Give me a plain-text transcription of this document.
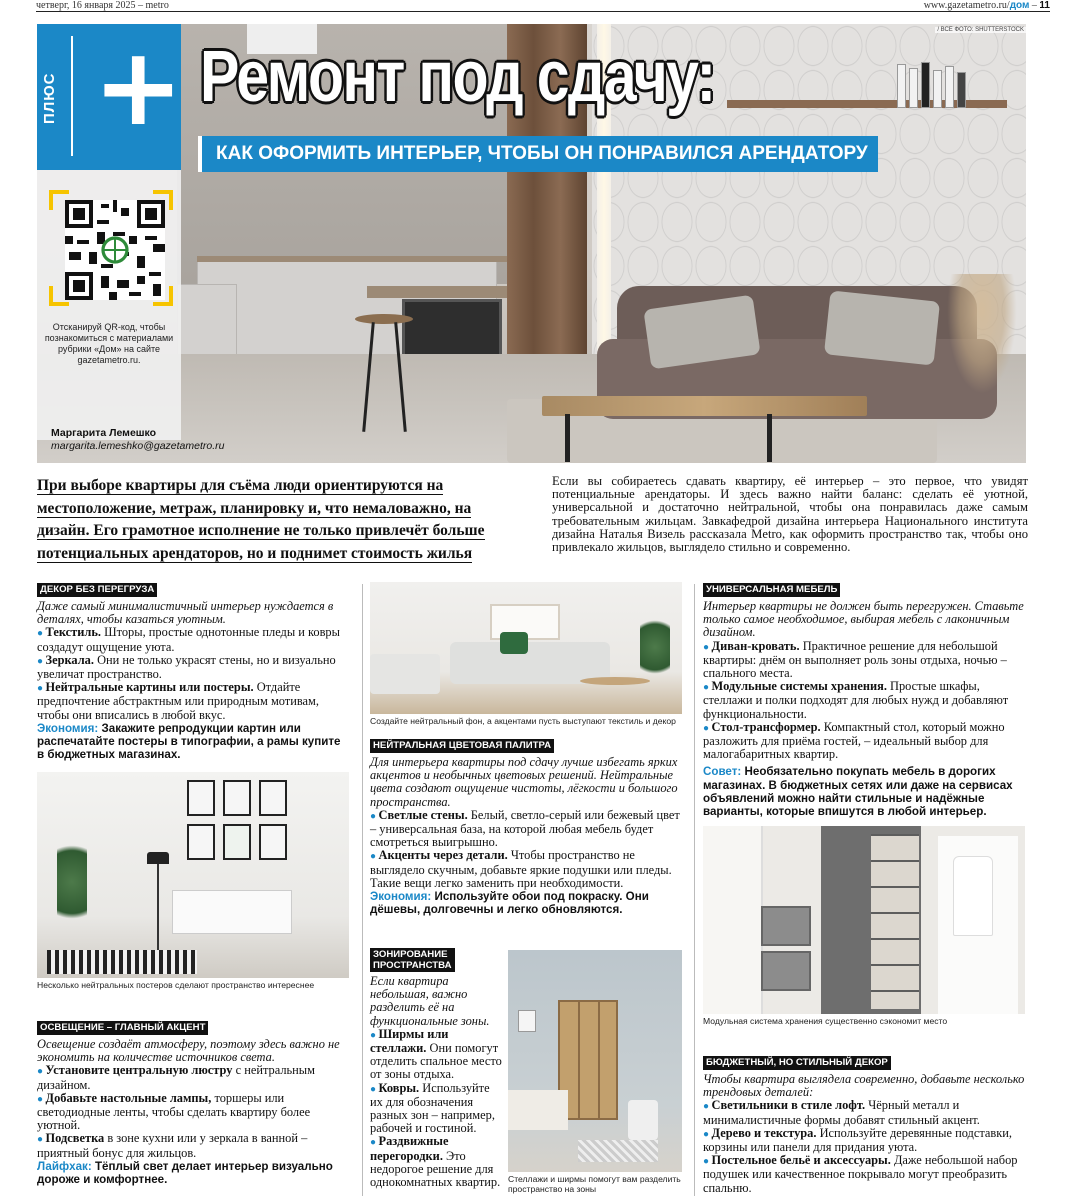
четверг, 16 января 2025 – metro	www.gazetametro.ru/дом – 11
/ ВСЕ ФОТО: SHUTTERSTOCK
ПЛЮС + Ремонт под сдачу:
КАК ОФОРМИТЬ ИНТЕРЬЕР, ЧТОБЫ ОН ПОНРАВИЛСЯ АРЕНДАТОРУ
Отсканируй QR-код, чтобы познакомиться с материалами рубрики «Дом» на сайте gazetametro.ru.
Маргарита Лемешко
margarita.lemeshko@gazetametro.ru
При выборе квартиры для съёма люди ориентируются на местоположение, метраж, планировку и, что немаловажно, на дизайн. Его грамотное исполнение не только привлечёт больше потенциальных арендаторов, но и поднимет стоимость жилья
Если вы собираетесь сдавать квартиру, её интерьер – это первое, что увидят потенциальные арендаторы. И здесь важно найти баланс: сделать её уютной, универсальной и достаточно нейтральной, чтобы она понравилась даже самым требовательным жильцам. Завкафедрой дизайна интерьера Национального института дизайна Наталья Визель рассказала Metro, как оформить пространство так, чтобы оно привлекало жильцов, выглядело стильно и современно.
ДЕКОР БЕЗ ПЕРЕГРУЗА

Даже самый минималистичный интерьер нуждается в деталях, чтобы казаться уютным.

● Текстиль. Шторы, простые однотонные пледы и ковры создадут ощущение уюта.

● Зеркала. Они не только украсят стены, но и визуально увеличат пространство.

● Нейтральные картины или постеры. Отдайте предпочтение абстрактным или природным мотивам, чтобы они вписались в любой вкус.

Экономия: Закажите репродукции картин или распечатайте постеры в типографии, а рамы купите в бюджетных магазинах.

Несколько нейтральных постеров сделают пространство интереснее
ОСВЕЩЕНИЕ – ГЛАВНЫЙ АКЦЕНТ

Освещение создаёт атмосферу, поэтому здесь важно не экономить на количестве источников света.

● Установите центральную люстру с нейтральным дизайном.

● Добавьте настольные лампы, торшеры или светодиодные ленты, чтобы сделать квартиру более уютной.

● Подсветка в зоне кухни или у зеркала в ванной – приятный бонус для жильцов.

Лайфхак: Тёплый свет делает интерьер визуально дороже и комфортнее.

Создайте нейтральный фон, а акцентами пусть выступают текстиль и декор
НЕЙТРАЛЬНАЯ ЦВЕТОВАЯ ПАЛИТРА

Для интерьера квартиры под сдачу лучше избегать ярких акцентов и необычных цветовых решений. Нейтральные цвета создают ощущение чистоты, лёгкости и большого пространства.

● Светлые стены. Белый, светло-серый или бежевый цвет – универсальная база, на которой любая мебель будет смотреться выигрышно.

● Акценты через детали. Чтобы пространство не выглядело скучным, добавьте яркие подушки или пледы. Такие вещи легко заменить при необходимости.

Экономия: Используйте обои под покраску. Они дёшевы, долговечны и легко обновляются.

ЗОНИРОВАНИЕ
ПРОСТРАНСТВА

Если квартира небольшая, важно разделить её на функциональные зоны.

● Ширмы или стеллажи. Они помогут отделить спальное место от зоны отдыха.

● Ковры. Используйте их для обозначения разных зон – например, рабочей и гостиной.

● Раздвижные перегородки. Это недорогое решение для однокомнатных квартир. Стеллажи и ширмы помогут вам разделить пространство на зоны
УНИВЕРСАЛЬНАЯ МЕБЕЛЬ

Интерьер квартиры не должен быть перегружен. Ставьте только самое необходимое, выбирая мебель с лаконичным дизайном.

● Диван-кровать. Практичное решение для небольшой квартиры: днём он выполняет роль зоны отдыха, ночью – спального места.

● Модульные системы хранения. Простые шкафы, стеллажи и полки подходят для любых нужд и добавляют функциональности.

● Стол-трансформер. Компактный стол, который можно разложить для приёма гостей, – идеальный выбор для малогабаритных квартир.

Совет: Необязательно покупать мебель в дорогих магазинах. В бюджетных сетях или даже на сервисах объявлений можно найти стильные и надёжные варианты, которые впишутся в любой интерьер.

Модульная система хранения существенно сэкономит место
БЮДЖЕТНЫЙ, НО СТИЛЬНЫЙ ДЕКОР

Чтобы квартира выглядела современно, добавьте несколько трендовых деталей:

● Светильники в стиле лофт. Чёрный металл и минималистичные формы добавят стильный акцент.

● Дерево и текстура. Используйте деревянные подставки, корзины или панели для придания уюта.

● Постельное бельё и аксессуары. Даже небольшой набор подушек или качественное покрывало могут преобразить спальню.
